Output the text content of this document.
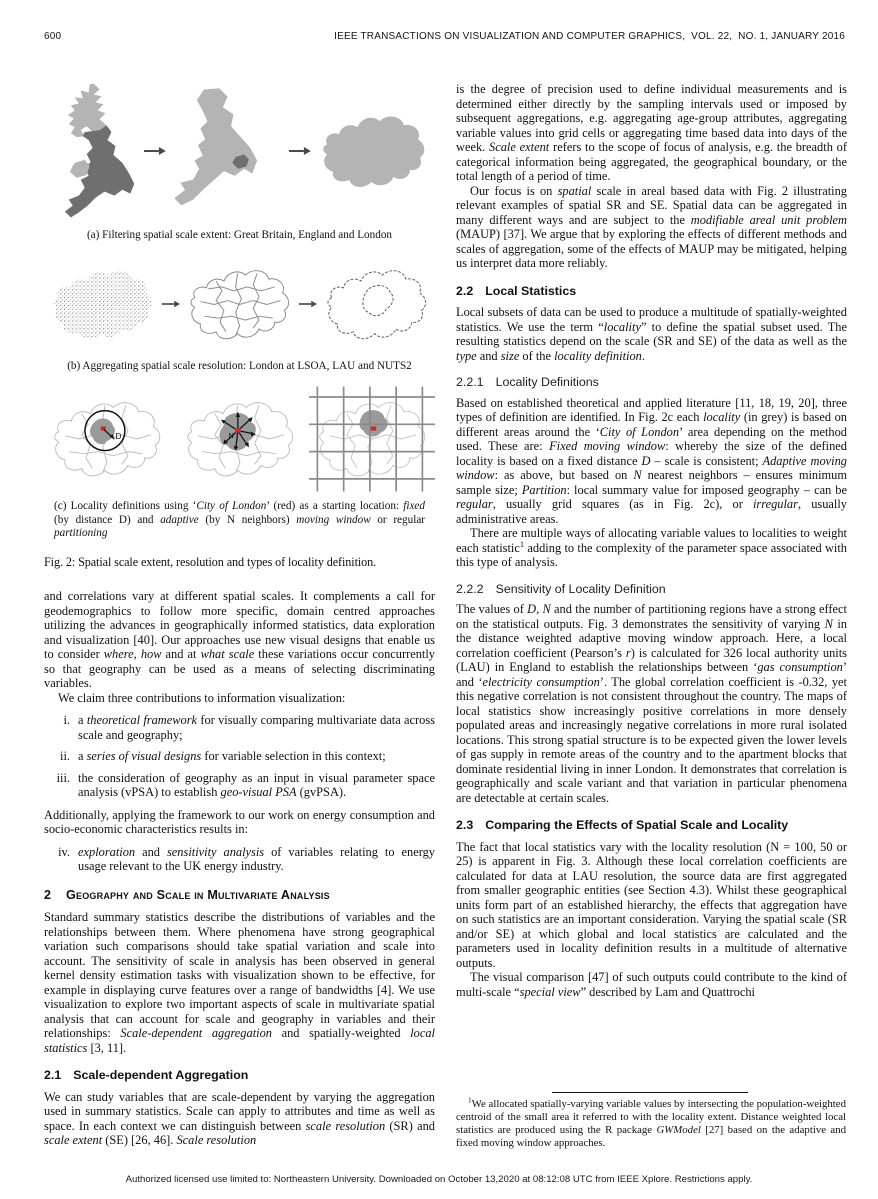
600	IEEE TRANSACTIONS ON VISUALIZATION AND COMPUTER GRAPHICS,  VOL. 22,  NO. 1, JANUARY 2016
(a) Filtering spatial scale extent: Great Britain, England and London
(b) Aggregating spatial scale resolution: London at LSOA, LAU and NUTS2
D	N
(c) Locality definitions using ‘City of London’ (red) as a starting location: fixed (by distance D) and adaptive (by N neighbors) moving window or regular partitioning
Fig. 2: Spatial scale extent, resolution and types of locality definition.

and correlations vary at different spatial scales. It complements a call for geodemographics to follow more specific, domain centred approaches utilizing the advances in geographically informed statistics, data exploration and visualization [40]. Our approaches use new visual designs that enable us to consider where, how and at what scale these variations occur concurrently so that geography can be used as a means of selecting discriminating variables.

We claim three contributions to information visualization:

i. a theoretical framework for visually comparing multivariate data across scale and geography;
ii. a series of visual designs for variable selection in this context;
iii. the consideration of geography as an input in visual parameter space analysis (vPSA) to establish geo-visual PSA (gvPSA).

Additionally, applying the framework to our work on energy consumption and socio-economic characteristics results in:

iv. exploration and sensitivity analysis of variables relating to energy usage relevant to the UK energy industry.
2 Geography and Scale in Multivariate Analysis

Standard summary statistics describe the distributions of variables and the relationships between them. Where phenomena have strong geographical variation such comparisons should take spatial variation and scale into account. The sensitivity of scale in analysis has been observed in general kernel density estimation tasks with visualization shown to be effective, for example in displaying curve features over a range of bandwidths [4]. We use visualization to explore two important aspects of scale in multivariate spatial analysis that can account for scale and geography in variables and their relationships: Scale-dependent aggregation and spatially-weighted local statistics [3, 11].

2.1 Scale-dependent Aggregation

We can study variables that are scale-dependent by varying the aggregation used in summary statistics. Scale can apply to attributes and time as well as space. In each context we can distinguish between scale resolution (SR) and scale extent (SE) [26, 46]. Scale resolution

is the degree of precision used to define individual measurements and is determined either directly by the sampling intervals used or imposed by subsequent aggregations, e.g. aggregating age-group attributes, aggregating variable values into grid cells or aggregating time based data into days of the week. Scale extent refers to the scope of focus of analysis, e.g. the breadth of categorical information being aggregated, the geographical boundary, or the total length of a period of time.

Our focus is on spatial scale in areal based data with Fig. 2 illustrating relevant examples of spatial SR and SE. Spatial data can be aggregated in many different ways and are subject to the modifiable areal unit problem (MAUP) [37]. We argue that by exploring the effects of different methods and scales of aggregation, some of the effects of MAUP may be mitigated, helping us interpret data more reliably.

2.2 Local Statistics

Local subsets of data can be used to produce a multitude of spatially-weighted statistics. We use the term “locality” to define the spatial subset used. The resulting statistics depend on the scale (SR and SE) of the data as well as the type and size of the locality definition.

2.2.1 Locality Definitions

Based on established theoretical and applied literature [11, 18, 19, 20], three types of definition are identified. In Fig. 2c each locality (in grey) is based on different areas around the ‘City of London’ area depending on the method used. These are: Fixed moving window: whereby the size of the defined locality is based on a fixed distance D – scale is consistent; Adaptive moving window: as above, but based on N nearest neighbors – ensures minimum sample size; Partition: local summary value for imposed geography – can be regular, usually grid squares (as in Fig. 2c), or irregular, usually administrative areas.

There are multiple ways of allocating variable values to localities to weight each statistic$^1$ adding to the complexity of the parameter space associated with this type of analysis.

2.2.2 Sensitivity of Locality Definition

The values of D, N and the number of partitioning regions have a strong effect on the statistical outputs. Fig. 3 demonstrates the sensitivity of varying N in the distance weighted adaptive moving window approach. Here, a local correlation coefficient (Pearson’s r) is calculated for 326 local authority units (LAU) in England to establish the relationships between ‘gas consumption’ and ‘electricity consumption’. The global correlation coefficient is -0.32, yet this negative correlation is not consistent throughout the country. The maps of local statistics show increasingly positive correlations in more densely populated areas and increasingly negative correlations in more rural isolated locations. This strong spatial structure is to be expected given the lower levels of gas supply in remote areas of the country and to the apartment blocks that dominate residential living in inner London. It demonstrates that correlation is geographically and scale variant and that variation in particular phenomena are detectable at certain scales.

2.3 Comparing the Effects of Spatial Scale and Locality

The fact that local statistics vary with the locality resolution (N = 100, 50 or 25) is apparent in Fig. 3. Although these local correlation coefficients are calculated for data at LAU resolution, the source data are first aggregated from smaller geographic entities (see Section 4.3). Whilst these geographical units form part of an established hierarchy, the effects that aggregation have on such statistics are an important consideration. Varying the spatial scale (SR and/or SE) at which global and local statistics are calculated and the parameters used in locality definition results in a multitude of alternative outputs.

The visual comparison [47] of such outputs could contribute to the kind of multi-scale “special view” described by Lam and Quattrochi

$^1$We allocated spatially-varying variable values by intersecting the population-weighted centroid of the small area it referred to with the locality extent. Distance weighted local statistics are produced using the R package GWModel [27] based on the adaptive and fixed moving window approaches.

Authorized licensed use limited to: Northeastern University. Downloaded on October 13,2020 at 08:12:08 UTC from IEEE Xplore. Restrictions apply.
